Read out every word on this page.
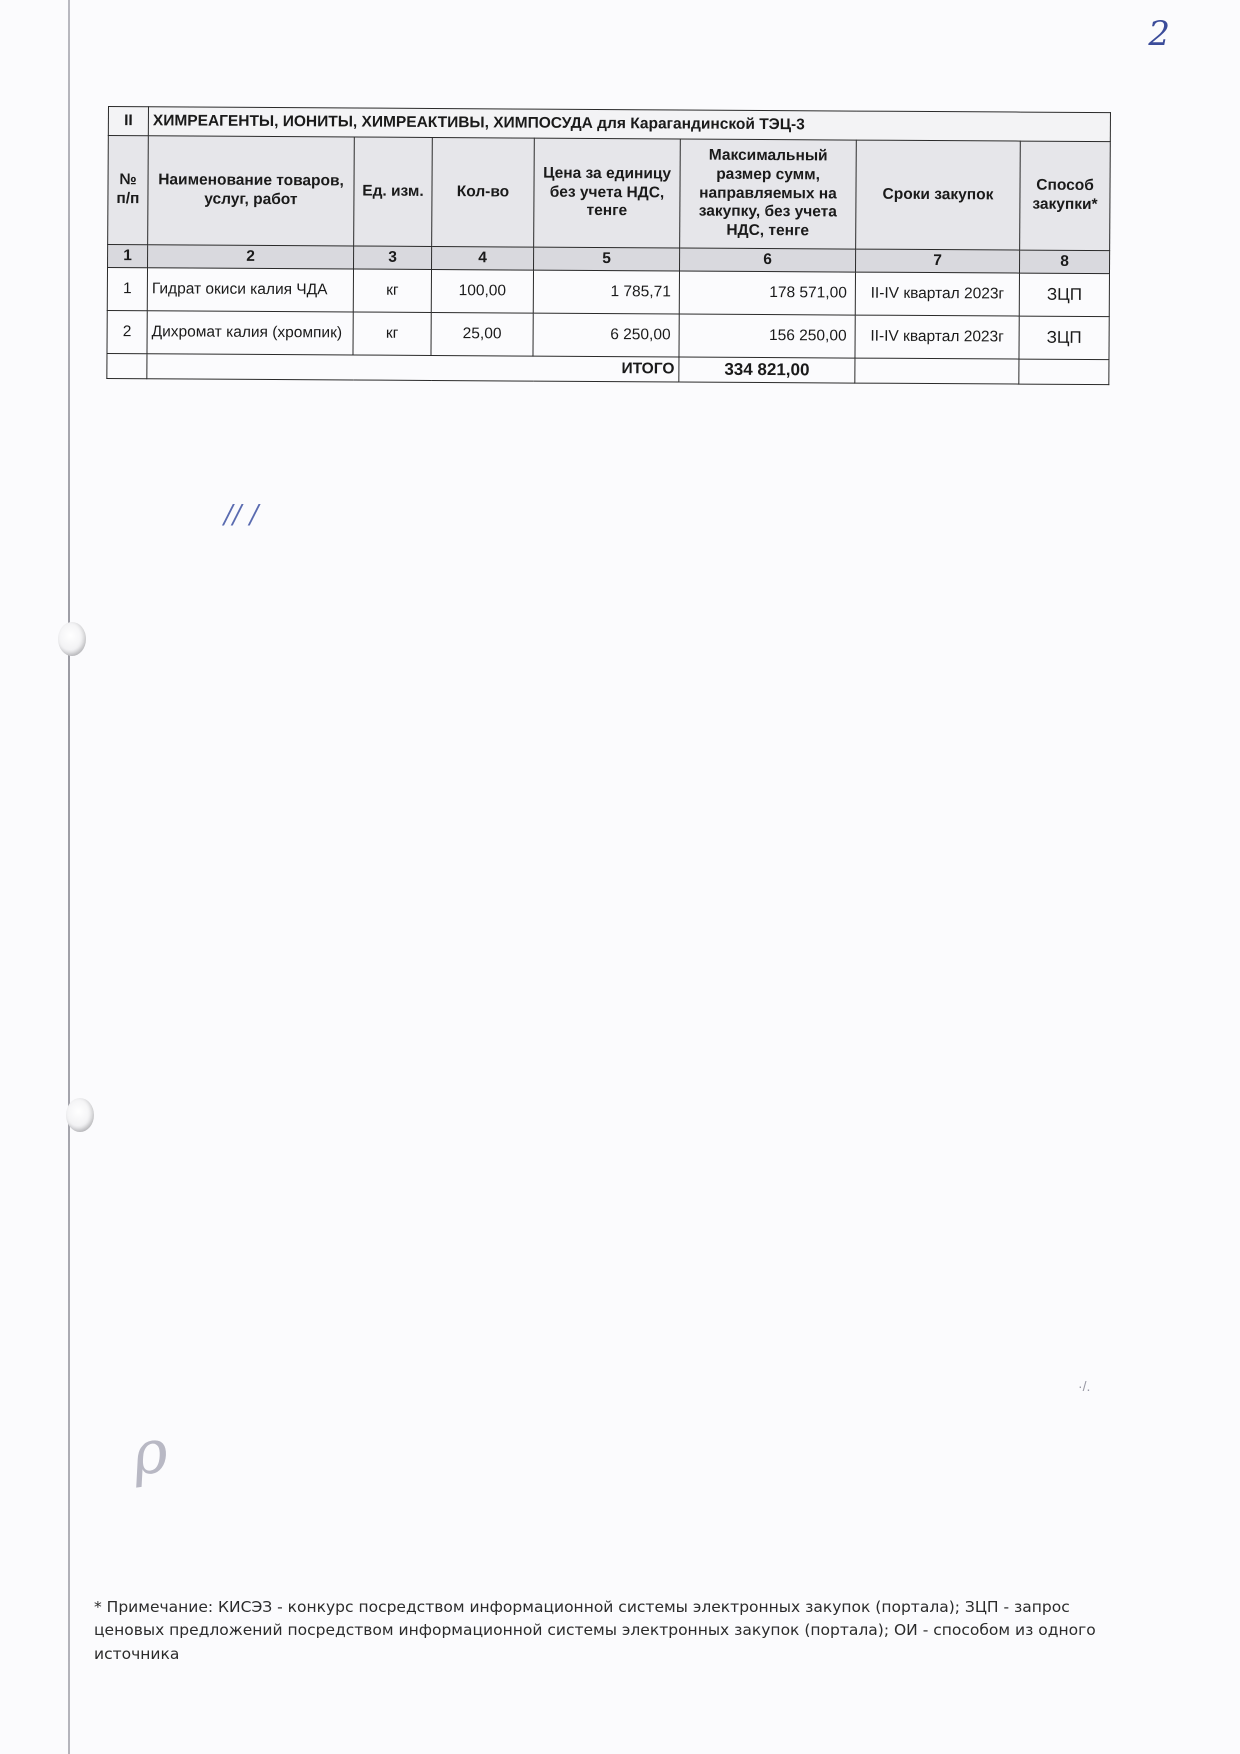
2
// /
ρ
·/.
II	ХИМРЕАГЕНТЫ, ИОНИТЫ, ХИМРЕАКТИВЫ, ХИМПОСУДА для Карагандинской ТЭЦ-3						
№ п/п	Наименование товаров, услуг, работ	Ед. изм.	Кол-во	Цена за единицу без учета НДС, тенге	Максимальный размер сумм, направляемых на закупку, без учета НДС, тенге	Сроки закупок	Способ закупки*
1	2	3	4	5	6	7	8
1	Гидрат окиси калия ЧДА	кг	100,00	1 785,71	178 571,00	II-IV квартал 2023г	ЗЦП
2	Дихромат калия (хромпик)	кг	25,00	6 250,00	156 250,00	II-IV квартал 2023г	ЗЦП
	ИТОГО				334 821,00		
* Примечание: КИСЭЗ - конкурс посредством информационной системы электронных закупок (портала); ЗЦП - запрос ценовых предложений посредством информационной системы электронных закупок (портала); ОИ - способом из одного источника
